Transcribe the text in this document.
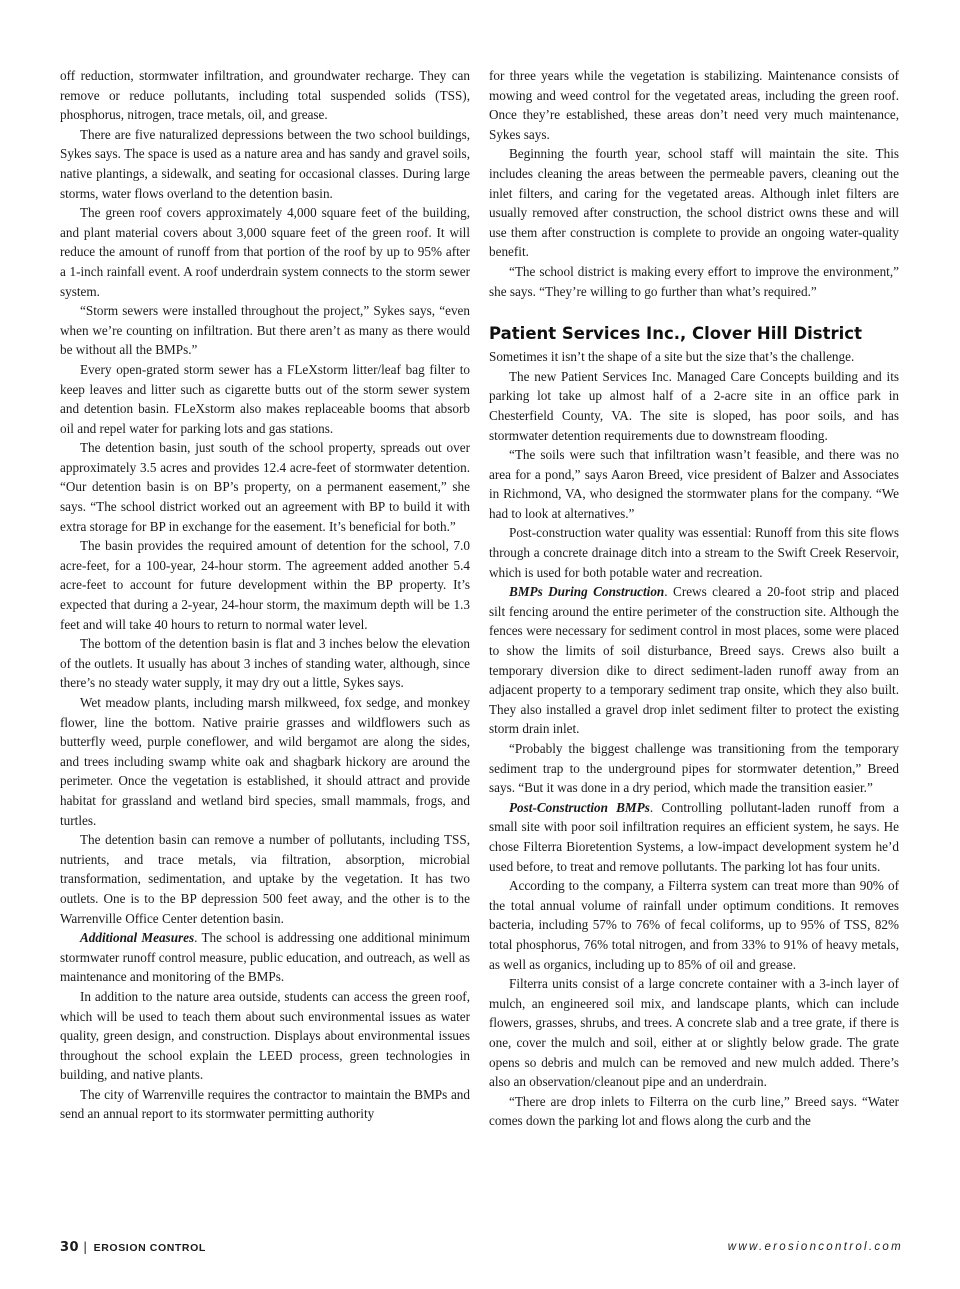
off reduction, stormwater infiltration, and groundwater recharge. They can remove or reduce pollutants, including total suspended solids (TSS), phosphorus, nitrogen, trace metals, oil, and grease.

There are five naturalized depressions between the two school buildings, Sykes says. The space is used as a nature area and has sandy and gravel soils, native plantings, a sidewalk, and seating for occasional classes. During large storms, water flows overland to the detention basin.

The green roof covers approximately 4,000 square feet of the building, and plant material covers about 3,000 square feet of the green roof. It will reduce the amount of runoff from that portion of the roof by up to 95% after a 1-inch rainfall event. A roof underdrain system connects to the storm sewer system.

“Storm sewers were installed throughout the project,” Sykes says, “even when we’re counting on infiltration. But there aren’t as many as there would be without all the BMPs.”

Every open-grated storm sewer has a FLeXstorm litter/leaf bag filter to keep leaves and litter such as cigarette butts out of the storm sewer system and detention basin. FLeXstorm also makes replaceable booms that absorb oil and repel water for parking lots and gas stations.

The detention basin, just south of the school property, spreads out over approximately 3.5 acres and provides 12.4 acre-feet of stormwater detention. “Our detention basin is on BP’s property, on a permanent easement,” she says. “The school district worked out an agreement with BP to build it with extra storage for BP in exchange for the easement. It’s beneficial for both.”

The basin provides the required amount of detention for the school, 7.0 acre-feet, for a 100-year, 24-hour storm. The agreement added another 5.4 acre-feet to account for future development within the BP property. It’s expected that during a 2-year, 24-hour storm, the maximum depth will be 1.3 feet and will take 40 hours to return to normal water level.

The bottom of the detention basin is flat and 3 inches below the elevation of the outlets. It usually has about 3 inches of standing water, although, since there’s no steady water supply, it may dry out a little, Sykes says.

Wet meadow plants, including marsh milkweed, fox sedge, and monkey flower, line the bottom. Native prairie grasses and wildflowers such as butterfly weed, purple coneflower, and wild bergamot are along the sides, and trees including swamp white oak and shagbark hickory are around the perimeter. Once the vegetation is established, it should attract and provide habitat for grassland and wetland bird species, small mammals, frogs, and turtles.

The detention basin can remove a number of pollutants, including TSS, nutrients, and trace metals, via filtration, absorption, microbial transformation, sedimentation, and uptake by the vegetation. It has two outlets. One is to the BP depression 500 feet away, and the other is to the Warrenville Office Center detention basin.

Additional Measures. The school is addressing one additional minimum stormwater runoff control measure, public education, and outreach, as well as maintenance and monitoring of the BMPs.

In addition to the nature area outside, students can access the green roof, which will be used to teach them about such environmental issues as water quality, green design, and construction. Displays about environmental issues throughout the school explain the LEED process, green technologies in building, and native plants.

The city of Warrenville requires the contractor to maintain the BMPs and send an annual report to its stormwater permitting authority

for three years while the vegetation is stabilizing. Maintenance consists of mowing and weed control for the vegetated areas, including the green roof. Once they’re established, these areas don’t need very much maintenance, Sykes says.

Beginning the fourth year, school staff will maintain the site. This includes cleaning the areas between the permeable pavers, cleaning out the inlet filters, and caring for the vegetated areas. Although inlet filters are usually removed after construction, the school district owns these and will use them after construction is complete to provide an ongoing water-quality benefit.

“The school district is making every effort to improve the environment,” she says. “They’re willing to go further than what’s required.”

Patient Services Inc., Clover Hill District

Sometimes it isn’t the shape of a site but the size that’s the challenge.

The new Patient Services Inc. Managed Care Concepts building and its parking lot take up almost half of a 2-acre site in an office park in Chesterfield County, VA. The site is sloped, has poor soils, and has stormwater detention requirements due to downstream flooding.

“The soils were such that infiltration wasn’t feasible, and there was no area for a pond,” says Aaron Breed, vice president of Balzer and Associates in Richmond, VA, who designed the stormwater plans for the company. “We had to look at alternatives.”

Post-construction water quality was essential: Runoff from this site flows through a concrete drainage ditch into a stream to the Swift Creek Reservoir, which is used for both potable water and recreation.

BMPs During Construction. Crews cleared a 20-foot strip and placed silt fencing around the entire perimeter of the construction site. Although the fences were necessary for sediment control in most places, some were placed to show the limits of soil disturbance, Breed says. Crews also built a temporary diversion dike to direct sediment-laden runoff away from an adjacent property to a temporary sediment trap onsite, which they also built. They also installed a gravel drop inlet sediment filter to protect the existing storm drain inlet.

“Probably the biggest challenge was transitioning from the temporary sediment trap to the underground pipes for stormwater detention,” Breed says. “But it was done in a dry period, which made the transition easier.”

Post-Construction BMPs. Controlling pollutant-laden runoff from a small site with poor soil infiltration requires an efficient system, he says. He chose Filterra Bioretention Systems, a low-impact development system he’d used before, to treat and remove pollutants. The parking lot has four units.

According to the company, a Filterra system can treat more than 90% of the total annual volume of rainfall under optimum conditions. It removes bacteria, including 57% to 76% of fecal coliforms, up to 95% of TSS, 82% total phosphorus, 76% total nitrogen, and from 33% to 91% of heavy metals, as well as organics, including up to 85% of oil and grease.

Filterra units consist of a large concrete container with a 3-inch layer of mulch, an engineered soil mix, and landscape plants, which can include flowers, grasses, shrubs, and trees. A concrete slab and a tree grate, if there is one, cover the mulch and soil, either at or slightly below grade. The grate opens so debris and mulch can be removed and new mulch added. There’s also an observation/cleanout pipe and an underdrain.

“There are drop inlets to Filterra on the curb line,” Breed says. “Water comes down the parking lot and flows along the curb and the

30 | EROSION CONTROL	www.erosioncontrol.com
